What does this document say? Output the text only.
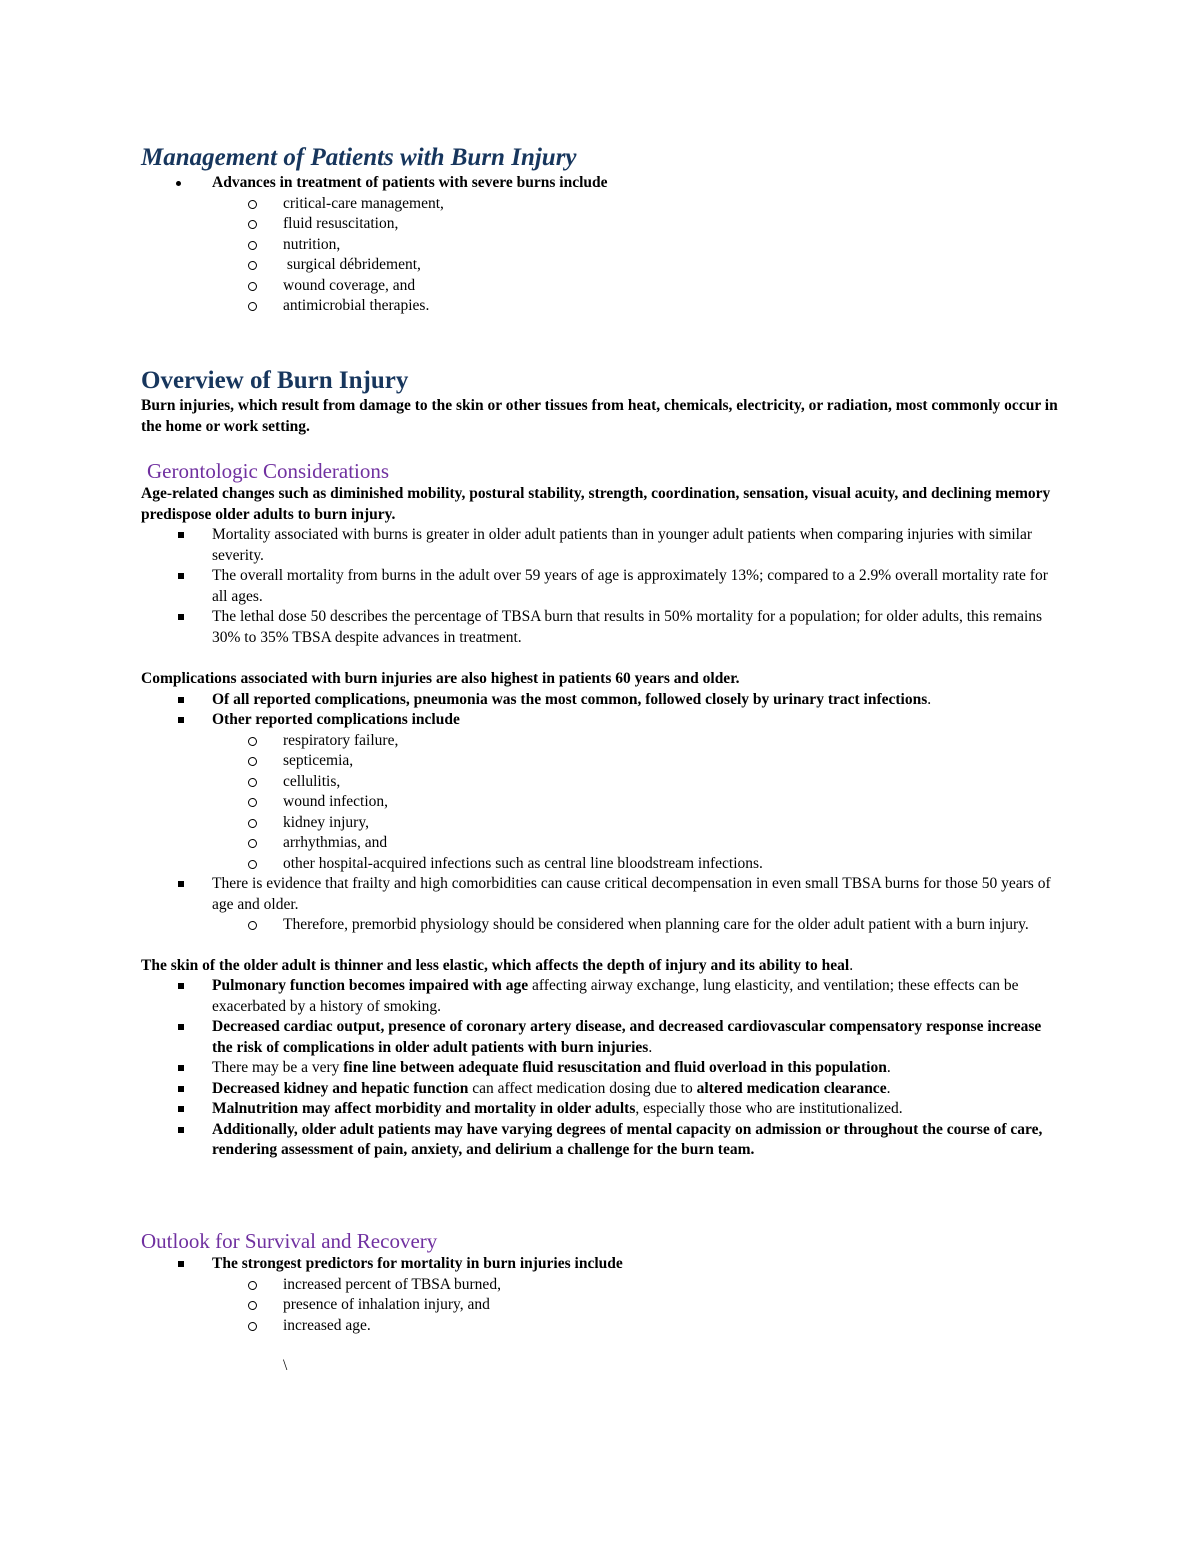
Management of Patients with Burn Injury
Advances in treatment of patients with severe burns include
critical-care management,
fluid resuscitation,
nutrition,
surgical débridement,
wound coverage, and
antimicrobial therapies.
Overview of Burn Injury
Burn injuries, which result from damage to the skin or other tissues from heat, chemicals, electricity, or radiation, most commonly occur in the home or work setting.
Gerontologic Considerations
Age-related changes such as diminished mobility, postural stability, strength, coordination, sensation, visual acuity, and declining memory predispose older adults to burn injury.
Mortality associated with burns is greater in older adult patients than in younger adult patients when comparing injuries with similar severity.
The overall mortality from burns in the adult over 59 years of age is approximately 13%; compared to a 2.9% overall mortality rate for all ages.
The lethal dose 50 describes the percentage of TBSA burn that results in 50% mortality for a population; for older adults, this remains 30% to 35% TBSA despite advances in treatment.
Complications associated with burn injuries are also highest in patients 60 years and older.
Of all reported complications, pneumonia was the most common, followed closely by urinary tract infections.
Other reported complications include
respiratory failure,
septicemia,
cellulitis,
wound infection,
kidney injury,
arrhythmias, and
other hospital-acquired infections such as central line bloodstream infections.
There is evidence that frailty and high comorbidities can cause critical decompensation in even small TBSA burns for those 50 years of age and older.
Therefore, premorbid physiology should be considered when planning care for the older adult patient with a burn injury.
The skin of the older adult is thinner and less elastic, which affects the depth of injury and its ability to heal.
Pulmonary function becomes impaired with age affecting airway exchange, lung elasticity, and ventilation; these effects can be exacerbated by a history of smoking.
Decreased cardiac output, presence of coronary artery disease, and decreased cardiovascular compensatory response increase the risk of complications in older adult patients with burn injuries.
There may be a very fine line between adequate fluid resuscitation and fluid overload in this population.
Decreased kidney and hepatic function can affect medication dosing due to altered medication clearance.
Malnutrition may affect morbidity and mortality in older adults, especially those who are institutionalized.
Additionally, older adult patients may have varying degrees of mental capacity on admission or throughout the course of care, rendering assessment of pain, anxiety, and delirium a challenge for the burn team.
Outlook for Survival and Recovery
The strongest predictors for mortality in burn injuries include
increased percent of TBSA burned,
presence of inhalation injury, and
increased age.
\
